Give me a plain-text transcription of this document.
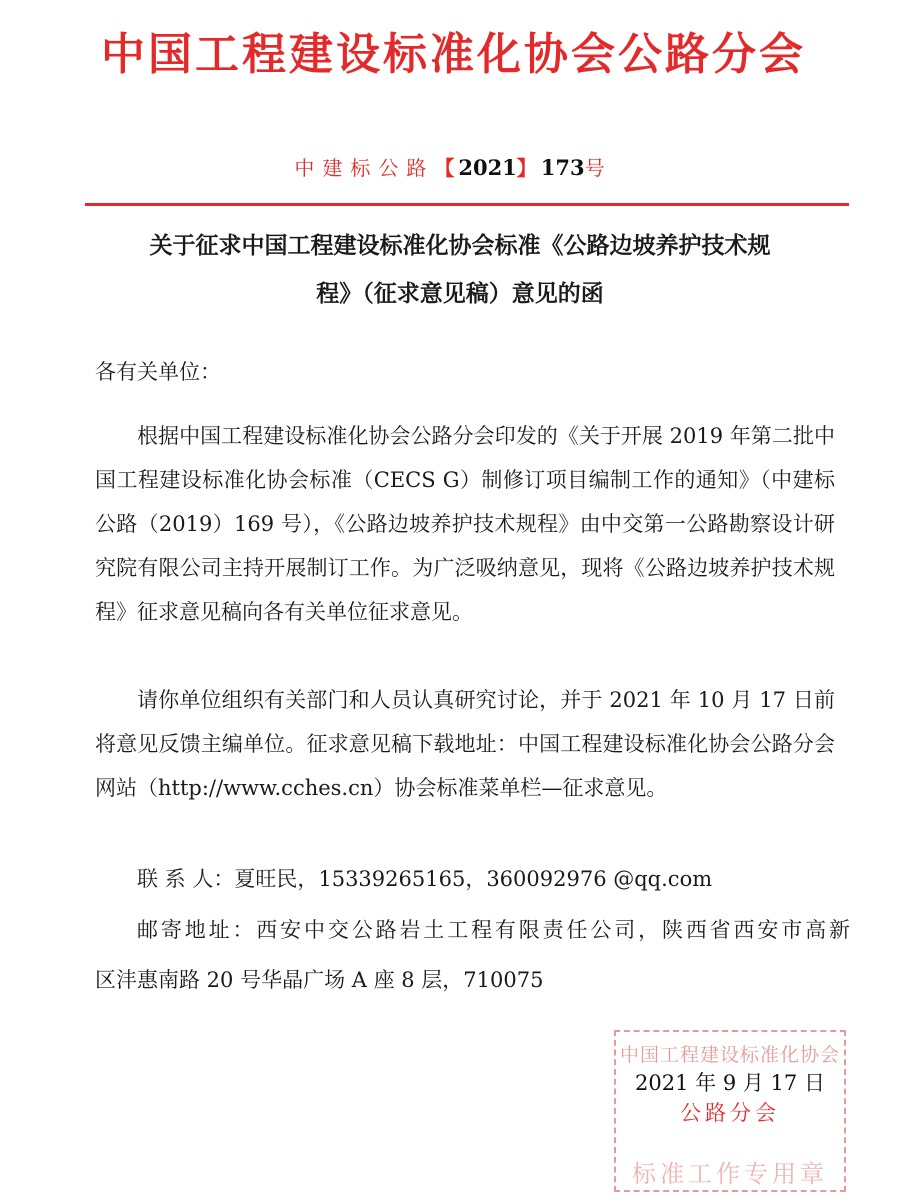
中国工程建设标准化协会公路分会
中建标公路【2021】173号
关于征求中国工程建设标准化协会标准《公路边坡养护技术规
程》（征求意见稿）意见的函
各有关单位：

根据中国工程建设标准化协会公路分会印发的《关于开展 2019 年第二批中国工程建设标准化协会标准（CECS G）制修订项目编制工作的通知》（中建标公路（2019）169 号），《公路边坡养护技术规程》由中交第一公路勘察设计研究院有限公司主持开展制订工作。为广泛吸纳意见，现将《公路边坡养护技术规程》征求意见稿向各有关单位征求意见。

请你单位组织有关部门和人员认真研究讨论，并于 2021 年 10 月 17 日前将意见反馈主编单位。征求意见稿下载地址：中国工程建设标准化协会公路分会网站（http://www.cches.cn）协会标准菜单栏—征求意见。

联 系 人：夏旺民，15339265165，360092976 @qq.com
邮寄地址：西安中交公路岩土工程有限责任公司，陕西省西安市高新
区沣惠南路 20 号华晶广场 A 座 8 层，710075
中国工程建设标准化协会
标准工作专用章
2021 年 9 月 17 日
公路分会
